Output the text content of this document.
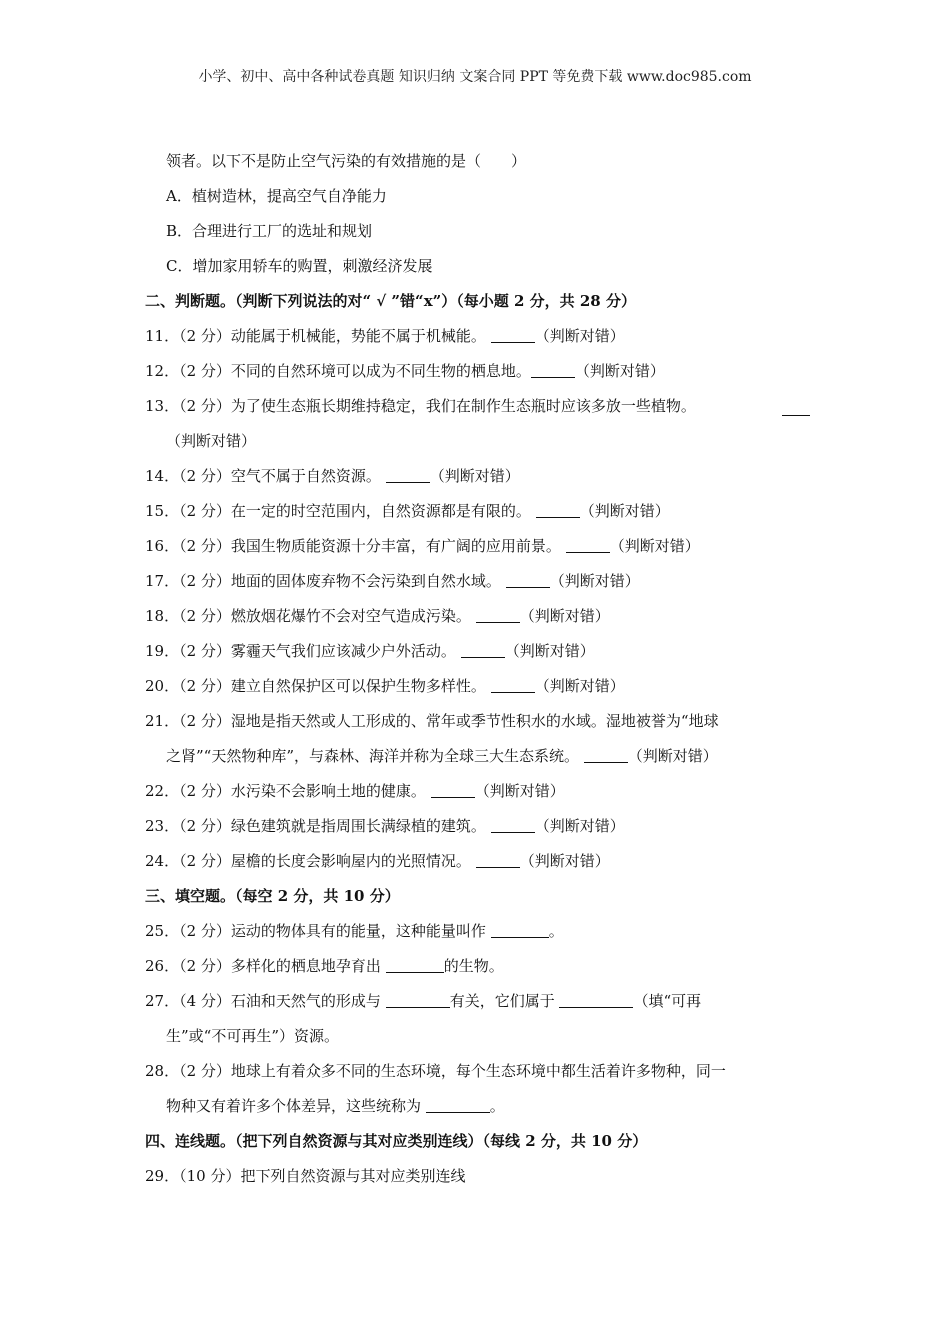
小学、初中、高中各种试卷真题 知识归纳 文案合同 PPT 等免费下载 www.doc985.com
领者。以下不是防止空气污染的有效措施的是（　　）
A．植树造林，提高空气自净能力
B．合理进行工厂的选址和规划
C．增加家用轿车的购置，刺激经济发展
二、判断题。（判断下列说法的对“ √ ”错“x”）（每小题 2 分，共 28 分）
11．（2 分）动能属于机械能，势能不属于机械能。	（判断对错）
12．（2 分）不同的自然环境可以成为不同生物的栖息地。	（判断对错）
13．（2 分）为了使生态瓶长期维持稳定，我们在制作生态瓶时应该多放一些植物。
（判断对错）
14．（2 分）空气不属于自然资源。	（判断对错）
15．（2 分）在一定的时空范围内，自然资源都是有限的。	（判断对错）
16．（2 分）我国生物质能资源十分丰富，有广阔的应用前景。	（判断对错）
17．（2 分）地面的固体废弃物不会污染到自然水域。	（判断对错）
18．（2 分）燃放烟花爆竹不会对空气造成污染。	（判断对错）
19．（2 分）雾霾天气我们应该减少户外活动。	（判断对错）
20．（2 分）建立自然保护区可以保护生物多样性。	（判断对错）
21．（2 分）湿地是指天然或人工形成的、常年或季节性积水的水域。湿地被誉为“地球
之肾”“天然物种库”，与森林、海洋并称为全球三大生态系统。	（判断对错）
22．（2 分）水污染不会影响土地的健康。	（判断对错）
23．（2 分）绿色建筑就是指周围长满绿植的建筑。	（判断对错）
24．（2 分）屋檐的长度会影响屋内的光照情况。	（判断对错）
三、填空题。（每空 2 分，共 10 分）
25．（2 分）运动的物体具有的能量，这种能量叫作	。
26．（2 分）多样化的栖息地孕育出	的生物。
27．（4 分）石油和天然气的形成与	有关，它们属于	（填“可再
生”或“不可再生”）资源。
28．（2 分）地球上有着众多不同的生态环境，每个生态环境中都生活着许多物种，同一
物种又有着许多个体差异，这些统称为	。
四、连线题。（把下列自然资源与其对应类别连线）（每线 2 分，共 10 分）
29．（10 分）把下列自然资源与其对应类别连线
